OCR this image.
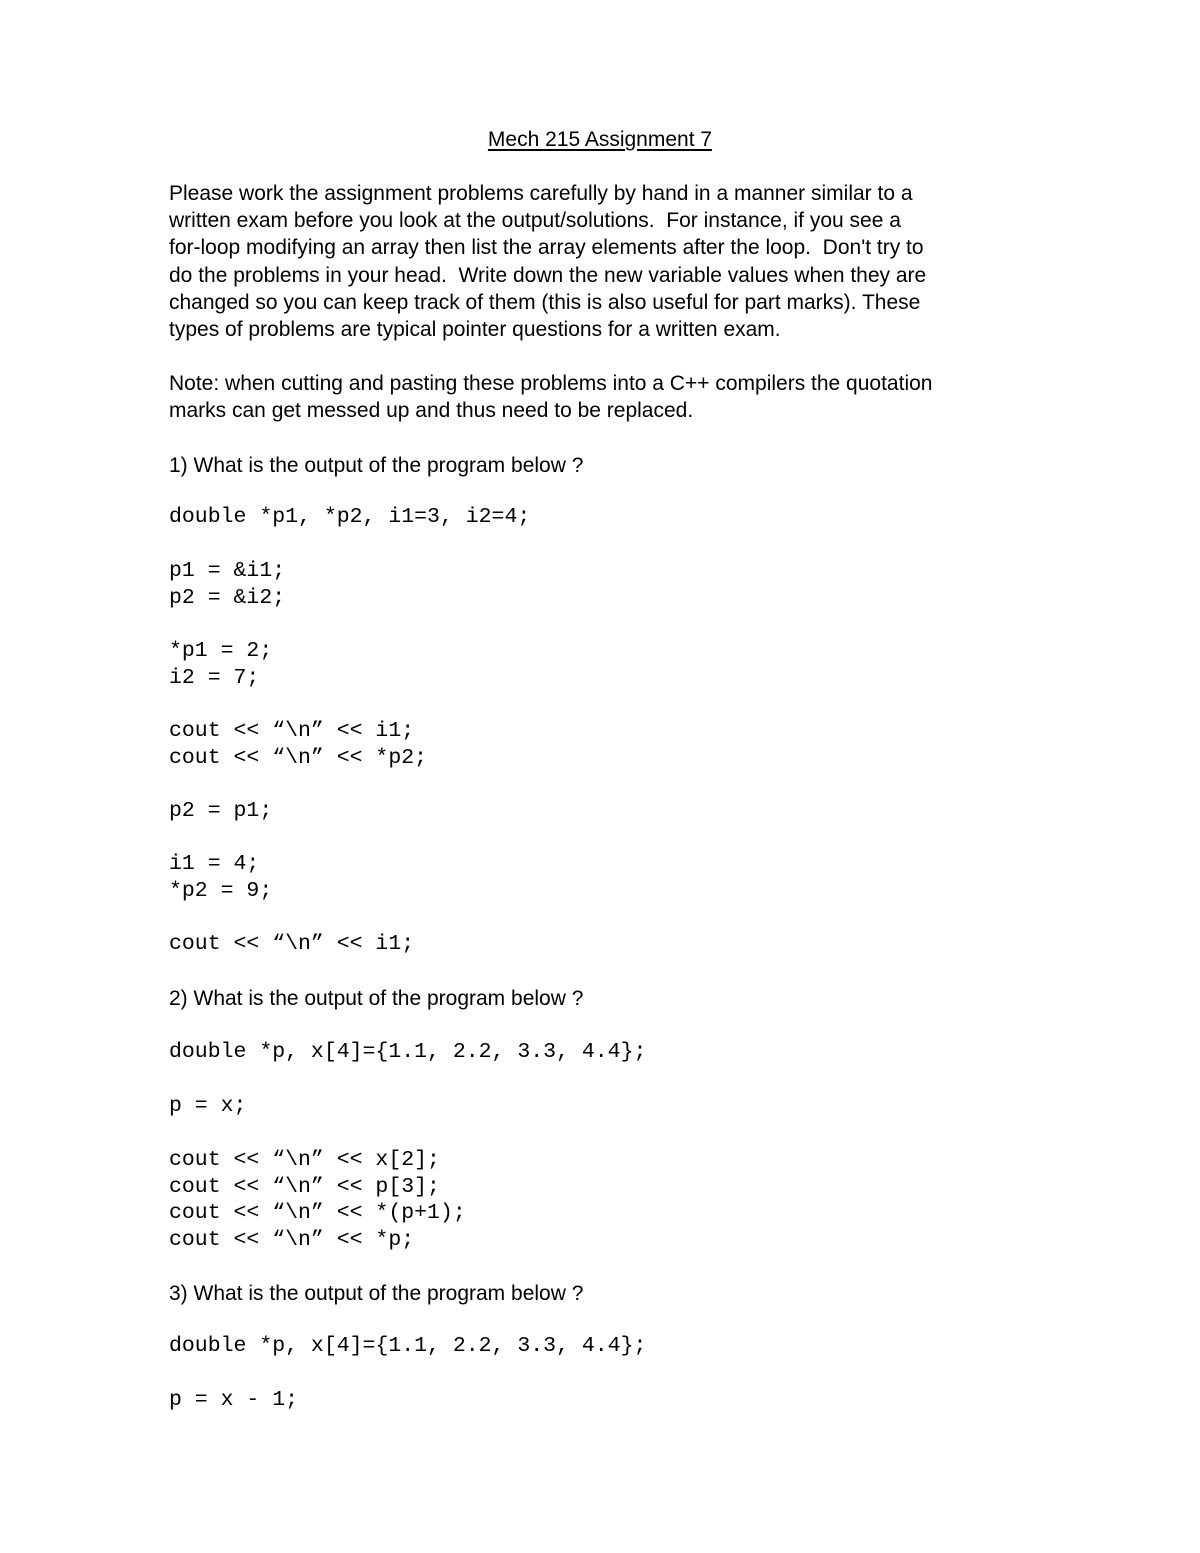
Mech 215 Assignment 7

Please work the assignment problems carefully by hand in a manner similar to a
written exam before you look at the output/solutions.  For instance, if you see a
for-loop modifying an array then list the array elements after the loop.  Don't try to
do the problems in your head.  Write down the new variable values when they are
changed so you can keep track of them (this is also useful for part marks). These
types of problems are typical pointer questions for a written exam.

Note: when cutting and pasting these problems into a C++ compilers the quotation
marks can get messed up and thus need to be replaced.

1) What is the output of the program below ?

double *p1, *p2, i1=3, i2=4;
p1 = &i1;
p2 = &i2;
*p1 = 2;
i2 = 7;
cout << “\n” << i1;
cout << “\n” << *p2;
p2 = p1;
i1 = 4;
*p2 = 9;
cout << “\n” << i1;

2) What is the output of the program below ?

double *p, x[4]={1.1, 2.2, 3.3, 4.4};
p = x;
cout << “\n” << x[2];
cout << “\n” << p[3];
cout << “\n” << *(p+1);
cout << “\n” << *p;

3) What is the output of the program below ?

double *p, x[4]={1.1, 2.2, 3.3, 4.4};
p = x - 1;
